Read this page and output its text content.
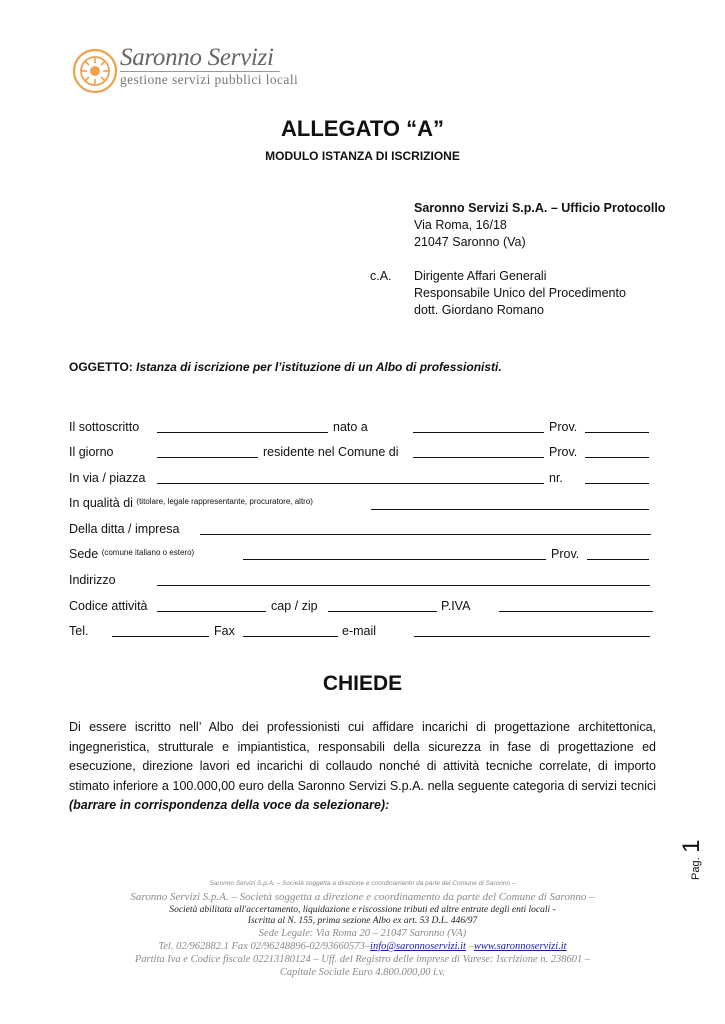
Saronno Servizi
gestione servizi pubblici locali
ALLEGATO “A”
MODULO ISTANZA DI ISCRIZIONE
Saronno Servizi S.p.A. – Ufficio Protocollo
Via Roma, 16/18
21047 Saronno (Va)
c.A. Dirigente Affari Generali
Responsabile Unico del Procedimento
dott. Giordano Romano
OGGETTO: Istanza di iscrizione per l’istituzione di un Albo di professionisti.
Il sottoscritto	nato a	Prov.
Il giorno	residente nel Comune di	Prov.
In via / piazza	nr.
In qualità di $^{(titolare, legale rappresentante, procuratore, altro)}$
Della ditta / impresa
Sede $^{(comune italiano o estero)}$	Prov.
Indirizzo
Codice attività	cap / zip	P.IVA
Tel.	Fax	e-mail
CHIEDE
Di essere iscritto nell’ Albo dei professionisti cui affidare incarichi di progettazione architettonica, ingegneristica, strutturale e impiantistica, responsabili della sicurezza in fase di progettazione ed esecuzione, direzione lavori ed incarichi di collaudo nonché di attività tecniche correlate, di importo stimato inferiore a 100.000,00 euro della Saronno Servizi S.p.A. nella seguente categoria di servizi tecnici (barrare in corrispondenza della voce da selezionare):
Pag. 1
Saronno Servizi S.p.A. – Società soggetta a direzione e coordinamento da parte del Comune di Saronno –
Saronno Servizi S.p.A. – Società soggetta a direzione e coordinamento da parte del Comune di Saronno –
Società abilitata all'accertamento, liquidazione e riscossione tributi ed altre entrate degli enti locali -
Iscritta al N. 155, prima sezione Albo ex art. 53 D.L. 446/97
Sede Legale: Via Roma 20 – 21047 Saronno (VA)
Tel. 02/962882.1 Fax 02/96248896-02/93660573–info@saronnoservizi.it –www.saronnoservizi.it
Partita Iva e Codice fiscale 02213180124 – Uff. del Registro delle imprese di Varese: Iscrizione n. 238601 –
Capitale Sociale Euro 4.800.000,00 i.v.
